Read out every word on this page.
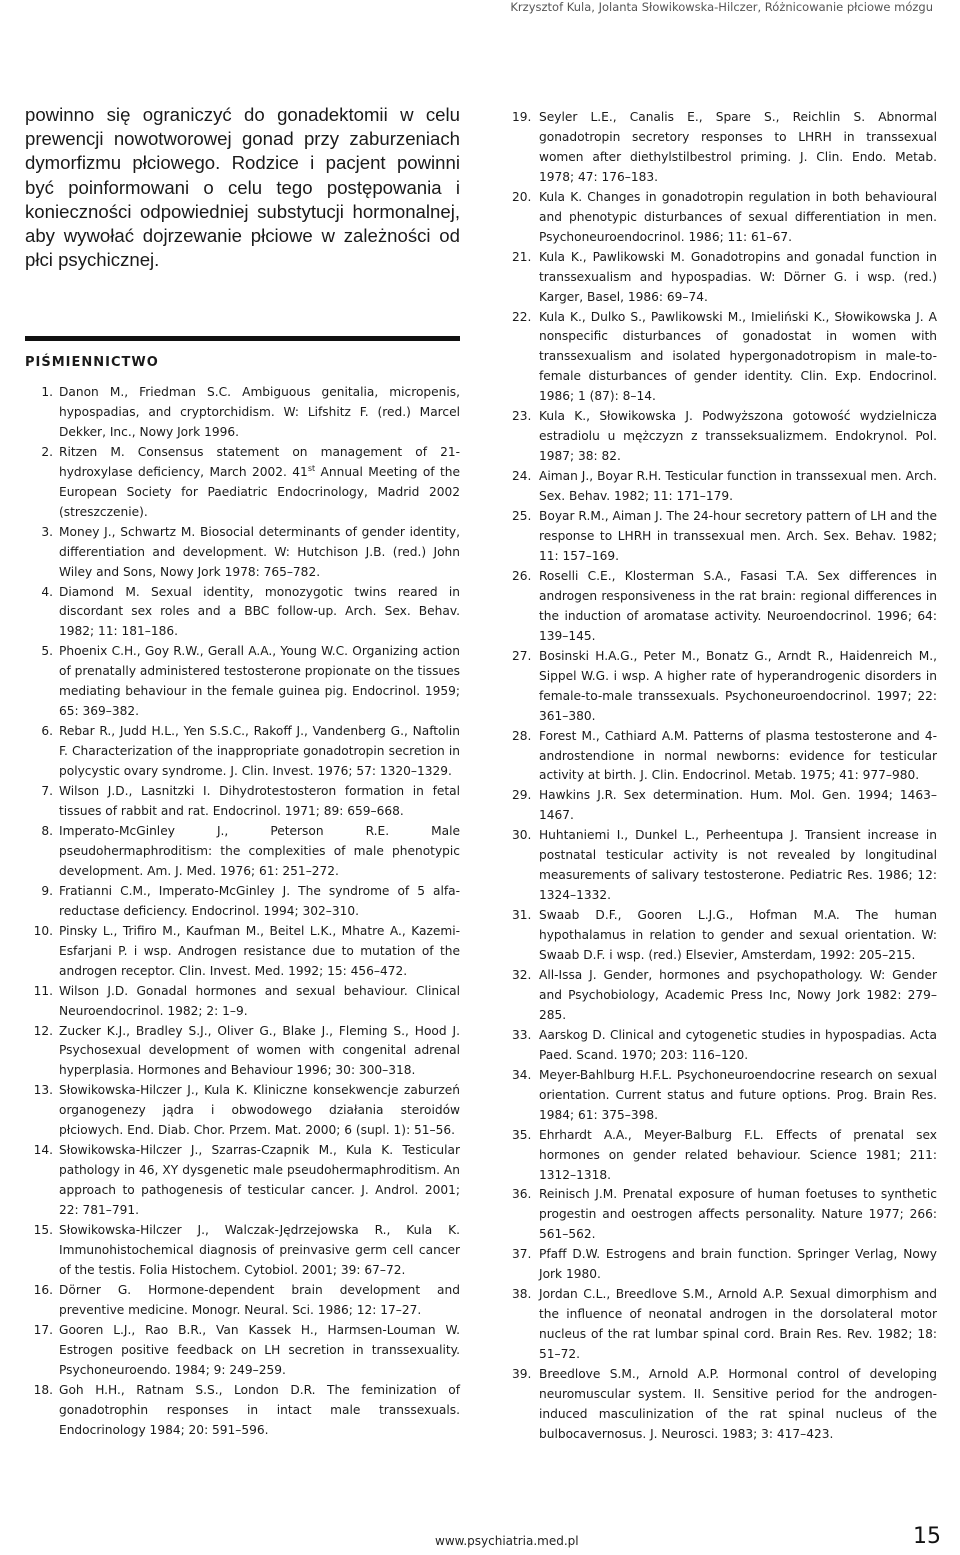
Krzysztof Kula, Jolanta Słowikowska-Hilczer, Różnicowanie płciowe mózgu

powinno się ograniczyć do gonadektomii w celu prewencji nowotworowej gonad przy zaburzeniach dymorfizmu płciowego. Rodzice i pacjent powinni być poinformowani o celu tego postępowania i konieczności odpowiedniej substytucji hormonalnej, aby wywołać dojrzewanie płciowe w zależności od płci psychicznej.

PIŚMIENNICTWO
1. Danon M., Friedman S.C. Ambiguous genitalia, micropenis, hypospadias, and cryptorchidism. W: Lifshitz F. (red.) Marcel Dekker, Inc., Nowy Jork 1996.
2. Ritzen M. Consensus statement on management of 21-hydroxylase deficiency, March 2002. 41st Annual Meeting of the European Society for Paediatric Endocrinology, Madrid 2002 (streszczenie).
3. Money J., Schwartz M. Biosocial determinants of gender identity, differentiation and development. W: Hutchison J.B. (red.) John Wiley and Sons, Nowy Jork 1978: 765–782.
4. Diamond M. Sexual identity, monozygotic twins reared in discordant sex roles and a BBC follow-up. Arch. Sex. Behav. 1982; 11: 181–186.
5. Phoenix C.H., Goy R.W., Gerall A.A., Young W.C. Organizing action of prenatally administered testosterone propionate on the tissues mediating behaviour in the female guinea pig. Endocrinol. 1959; 65: 369–382.
6. Rebar R., Judd H.L., Yen S.S.C., Rakoff J., Vandenberg G., Naftolin F. Characterization of the inappropriate gonadotropin secretion in polycystic ovary syndrome. J. Clin. Invest. 1976; 57: 1320–1329.
7. Wilson J.D., Lasnitzki I. Dihydrotestosteron formation in fetal tissues of rabbit and rat. Endocrinol. 1971; 89: 659–668.
8. Imperato-McGinley J., Peterson R.E. Male pseudohermaphroditism: the complexities of male phenotypic development. Am. J. Med. 1976; 61: 251–272.
9. Fratianni C.M., Imperato-McGinley J. The syndrome of 5 alfa-reductase deficiency. Endocrinol. 1994; 302–310.
10. Pinsky L., Trifiro M., Kaufman M., Beitel L.K., Mhatre A., Kazemi-Esfarjani P. i wsp. Androgen resistance due to mutation of the androgen receptor. Clin. Invest. Med. 1992; 15: 456–472.
11. Wilson J.D. Gonadal hormones and sexual behaviour. Clinical Neuroendocrinol. 1982; 2: 1–9.
12. Zucker K.J., Bradley S.J., Oliver G., Blake J., Fleming S., Hood J. Psychosexual development of women with congenital adrenal hyperplasia. Hormones and Behaviour 1996; 30: 300–318.
13. Słowikowska-Hilczer J., Kula K. Kliniczne konsekwencje zaburzeń organogenezy jądra i obwodowego działania steroidów płciowych. End. Diab. Chor. Przem. Mat. 2000; 6 (supl. 1): 51–56.
14. Słowikowska-Hilczer J., Szarras-Czapnik M., Kula K. Testicular pathology in 46, XY dysgenetic male pseudohermaphroditism. An approach to pathogenesis of testicular cancer. J. Androl. 2001; 22: 781–791.
15. Słowikowska-Hilczer J., Walczak-Jędrzejowska R., Kula K. Immunohistochemical diagnosis of preinvasive germ cell cancer of the testis. Folia Histochem. Cytobiol. 2001; 39: 67–72.
16. Dörner G. Hormone-dependent brain development and preventive medicine. Monogr. Neural. Sci. 1986; 12: 17–27.
17. Gooren L.J., Rao B.R., Van Kassek H., Harmsen-Louman W. Estrogen positive feedback on LH secretion in transsexuality. Psychoneuroendo. 1984; 9: 249–259.
18. Goh H.H., Ratnam S.S., London D.R. The feminization of gonadotrophin responses in intact male transsexuals. Endocrinology 1984; 20: 591–596.
19. Seyler L.E., Canalis E., Spare S., Reichlin S. Abnormal gonadotropin secretory responses to LHRH in transsexual women after diethylstilbestrol priming. J. Clin. Endo. Metab. 1978; 47: 176–183.
20. Kula K. Changes in gonadotropin regulation in both behavioural and phenotypic disturbances of sexual differentiation in men. Psychoneuroendocrinol. 1986; 11: 61–67.
21. Kula K., Pawlikowski M. Gonadotropins and gonadal function in transsexualism and hypospadias. W: Dörner G. i wsp. (red.) Karger, Basel, 1986: 69–74.
22. Kula K., Dulko S., Pawlikowski M., Imieliński K., Słowikowska J. A nonspecific disturbances of gonadostat in women with transsexualism and isolated hypergonadotropism in male-to-female disturbances of gender identity. Clin. Exp. Endocrinol. 1986; 1 (87): 8–14.
23. Kula K., Słowikowska J. Podwyższona gotowość wydzielnicza estradiolu u mężczyzn z transseksualizmem. Endokrynol. Pol. 1987; 38: 82.
24. Aiman J., Boyar R.H. Testicular function in transsexual men. Arch. Sex. Behav. 1982; 11: 171–179.
25. Boyar R.M., Aiman J. The 24-hour secretory pattern of LH and the response to LHRH in transsexual men. Arch. Sex. Behav. 1982; 11: 157–169.
26. Roselli C.E., Klosterman S.A., Fasasi T.A. Sex differences in androgen responsiveness in the rat brain: regional differences in the induction of aromatase activity. Neuroendocrinol. 1996; 64: 139–145.
27. Bosinski H.A.G., Peter M., Bonatz G., Arndt R., Haidenreich M., Sippel W.G. i wsp. A higher rate of hyperandrogenic disorders in female-to-male transsexuals. Psychoneuroendocrinol. 1997; 22: 361–380.
28. Forest M., Cathiard A.M. Patterns of plasma testosterone and 4-androstendione in normal newborns: evidence for testicular activity at birth. J. Clin. Endocrinol. Metab. 1975; 41: 977–980.
29. Hawkins J.R. Sex determination. Hum. Mol. Gen. 1994; 1463–1467.
30. Huhtaniemi I., Dunkel L., Perheentupa J. Transient increase in postnatal testicular activity is not revealed by longitudinal measurements of salivary testosterone. Pediatric Res. 1986; 12: 1324–1332.
31. Swaab D.F., Gooren L.J.G., Hofman M.A. The human hypothalamus in relation to gender and sexual orientation. W: Swaab D.F. i wsp. (red.) Elsevier, Amsterdam, 1992: 205–215.
32. All-Issa J. Gender, hormones and psychopathology. W: Gender and Psychobiology, Academic Press Inc, Nowy Jork 1982: 279–285.
33. Aarskog D. Clinical and cytogenetic studies in hypospadias. Acta Paed. Scand. 1970; 203: 116–120.
34. Meyer-Bahlburg H.F.L. Psychoneuroendocrine research on sexual orientation. Current status and future options. Prog. Brain Res. 1984; 61: 375–398.
35. Ehrhardt A.A., Meyer-Balburg F.L. Effects of prenatal sex hormones on gender related behaviour. Science 1981; 211: 1312–1318.
36. Reinisch J.M. Prenatal exposure of human foetuses to synthetic progestin and oestrogen affects personality. Nature 1977; 266: 561–562.
37. Pfaff D.W. Estrogens and brain function. Springer Verlag, Nowy Jork 1980.
38. Jordan C.L., Breedlove S.M., Arnold A.P. Sexual dimorphism and the influence of neonatal androgen in the dorsolateral motor nucleus of the rat lumbar spinal cord. Brain Res. Rev. 1982; 18: 51–72.
39. Breedlove S.M., Arnold A.P. Hormonal control of developing neuromuscular system. II. Sensitive period for the androgen-induced masculinization of the rat spinal nucleus of the bulbocavernosus. J. Neurosci. 1983; 3: 417–423.
www.psychiatria.med.pl	15
